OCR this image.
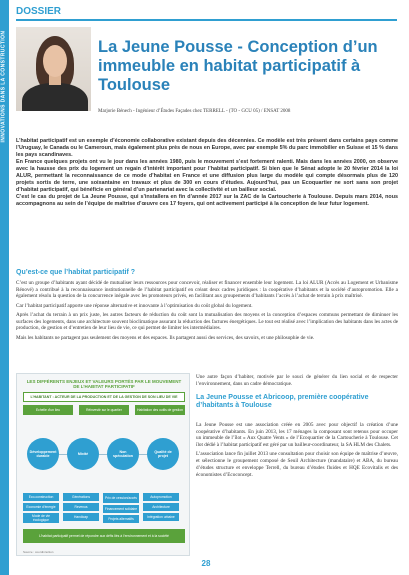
INNOVATIONS DANS LA CONSTRUCTION
DOSSIER
La Jeune Pousse - Conception d’un immeuble en habitat participatif à Toulouse
Marjorie Bénech - Ingénieur d’Études Façades chez TERRELL - (TO - GCU 05) / ENSAT 2008

L’habitat participatif est un exemple d’économie collaborative existant depuis des décennies. Ce modèle est très présent dans certains pays comme l’Uruguay, le Canada ou le Cameroun, mais également plus près de nous en Europe, avec par exemple 5% du parc immobilier en Suisse et 15 % dans les pays scandinaves.

En France quelques projets ont vu le jour dans les années 1980, puis le mouvement s’est fortement ralenti. Mais dans les années 2000, on observe avec la hausse des prix du logement un regain d’intérêt important pour l’habitat participatif. Si bien que le Sénat adopte le 20 février 2014 la loi ALUR, permettant la reconnaissance de ce mode d’habitat en France et une diffusion plus large du modèle qui compte désormais plus de 120 projets sortis de terre, une soixantaine en travaux et plus de 300 en cours d’études. Aujourd’hui, pas un Ecoquartier ne sort sans son projet d’habitat participatif, qui bénéficie en général d’un partenariat avec la collectivité et un bailleur social.

C’est le cas du projet de La Jeune Pousse, qui s’installera en fin d’année 2017 sur la ZAC de la Cartoucherie à Toulouse. Depuis mars 2014, nous accompagnons au sein de l’équipe de maîtrise d’œuvre ces 17 foyers, qui ont activement participé à la conception de leur futur logement.

Qu’est-ce que l’habitat participatif ?

C’est un groupe d’habitants ayant décidé de mutualiser leurs ressources pour concevoir, réaliser et financer ensemble leur logement. La loi ALUR (Accès au Logement et Urbanisme Rénové) a contribué à la reconnaissance institutionnelle de l’habitat participatif en créant deux cadres juridiques : la coopérative d’habitants et la société d’autopromotion. Elle a également résolu la question de la concurrence inégale avec les promoteurs privés, en facilitant aux groupements d’habitants l’accès à l’achat de terrain à prix maîtrisé.

Car l’habitat participatif apporte une réponse alternative et innovante à l’optimisation du coût global du logement.

Après l’achat du terrain à un prix juste, les autres facteurs de réduction du coût sont la mutualisation des moyens et la conception d’espaces communs permettant de diminuer les surfaces des logements, dans une architecture souvent bioclimatique assurant la réduction des factures énergétiques. Le tout est réalisé avec l’implication des habitants dans les actes de production, de gestion et d’entretien de leur lieu de vie, ce qui permet de limiter les intermédiaires.

Mais les habitants ne partagent pas seulement des moyens et des espaces. Ils partagent aussi des services, des savoirs, et une philosophie de vie.

LES DIFFÉRENTS ENJEUX ET VALEURS PORTÉS PAR LE MOUVEMENT DE L’HABITAT PARTICIPATIF
L’HABITANT : ACTEUR DE LA PRODUCTION ET DE LA GESTION DE SON LIEU DE VIE
Echelle d’un lieu	Réinvestir sur le quartier	Habitation des outils de gestion
Développement durable
Mixité
Non spéculation
Qualité de projet
Eco-construction
Economie d’énergie
Mode de vie écologique
Générations
Revenus
Handicap
Prix de cession/accès
Financement solidaire
Projets alternatifs
Autopromotion
Architecture
Intégration urbaine
L’habitat participatif permet de répondre aux défis liés à l’environnement et à la société
Source : coordin'action

Une autre façon d’habiter, motivée par le souci de générer du lien social et de respecter l’environnement, dans un cadre démocratique.

La Jeune Pousse et Abricoop, première coopérative d’habitants à Toulouse

La Jeune Pousse est une association créée en 2005 avec pour objectif la création d’une coopérative d’habitants. En juin 2013, les 17 ménages la composant sont retenus pour occuper un immeuble de l’îlot « Aux Quatre Vents » de l’Ecoquartier de la Cartoucherie à Toulouse. Cet îlot dédié à l’habitat participatif est géré par un bailleur-coordinateur, la SA HLM des Chalets.

L’association lance fin juillet 2013 une consultation pour choisir son équipe de maîtrise d’œuvre, et sélectionne le groupement composé de Seuil Architecture (mandataire) et ABA, du bureau d’études structure et enveloppe Terrell, du bureau d’études fluides et HQE Ecovitalis et des économistes d’Ecoconcept.

28
